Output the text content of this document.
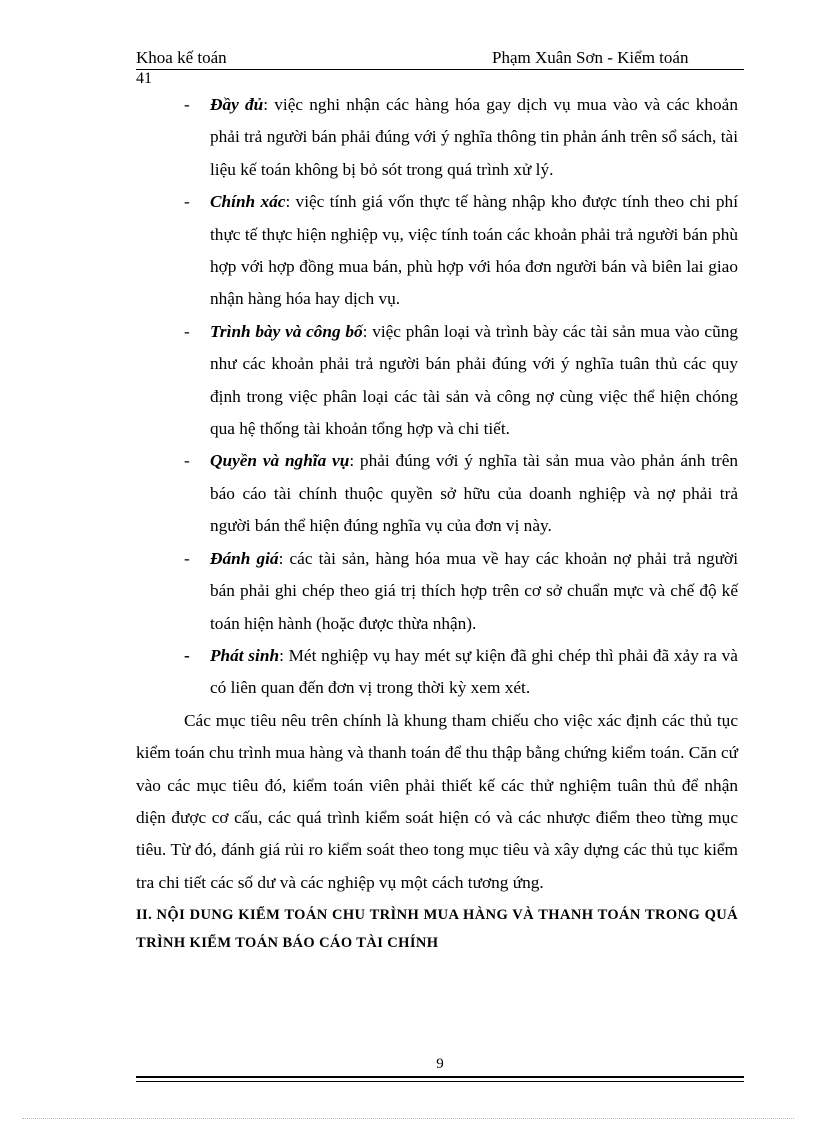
Khoa kế toán	Phạm Xuân Sơn - Kiểm toán
41
- Đầy đủ: việc nghi nhận các hàng hóa gay dịch vụ mua vào và các khoản phải trả người bán phải đúng với ý nghĩa thông tin phản ánh trên sổ sách, tài liệu kế toán không bị bỏ sót trong quá trình xử lý.
- Chính xác: việc tính giá vốn thực tế hàng nhập kho được tính theo chi phí thực tế thực hiện nghiệp vụ, việc tính toán các khoản phải trả người bán phù hợp với hợp đồng mua bán, phù hợp với hóa đơn người bán và biên lai giao nhận hàng hóa hay dịch vụ.
- Trình bày và công bố: việc phân loại và trình bày các tài sản mua vào cũng như các khoản phải trả người bán phải đúng với ý nghĩa tuân thủ các quy định trong việc phân loại các tài sản và công nợ cùng việc thể hiện chóng qua hệ thống tài khoản tổng hợp và chi tiết.
- Quyền và nghĩa vụ: phải đúng với ý nghĩa tài sản mua vào phản ánh trên báo cáo tài chính thuộc quyền sở hữu của doanh nghiệp và nợ phải trả người bán thể hiện đúng nghĩa vụ của đơn vị này.
- Đánh giá: các tài sản, hàng hóa mua về hay các khoản nợ phải trả người bán phải ghi chép theo giá trị thích hợp trên cơ sở chuẩn mực và chế độ kế toán hiện hành (hoặc được thừa nhận).
- Phát sinh: Mét nghiệp vụ hay mét sự kiện đã ghi chép thì phải đã xảy ra và có liên quan đến đơn vị trong thời kỳ xem xét.
Các mục tiêu nêu trên chính là khung tham chiếu cho việc xác định các thủ tục kiểm toán chu trình mua hàng và thanh toán để thu thập bằng chứng kiểm toán. Căn cứ vào các mục tiêu đó, kiểm toán viên phải thiết kế các thử nghiệm tuân thủ để nhận diện được cơ cấu, các quá trình kiểm soát hiện có và các nhược điểm theo từng mục tiêu. Từ đó, đánh giá rủi ro kiểm soát theo tong mục tiêu và xây dựng các thủ tục kiểm tra chi tiết các số dư và các nghiệp vụ một cách tương ứng.
II. NỘI DUNG KIỂM TOÁN CHU TRÌNH MUA HÀNG VÀ THANH TOÁN TRONG QUÁ TRÌNH KIỂM TOÁN BÁO CÁO TÀI CHÍNH
9
